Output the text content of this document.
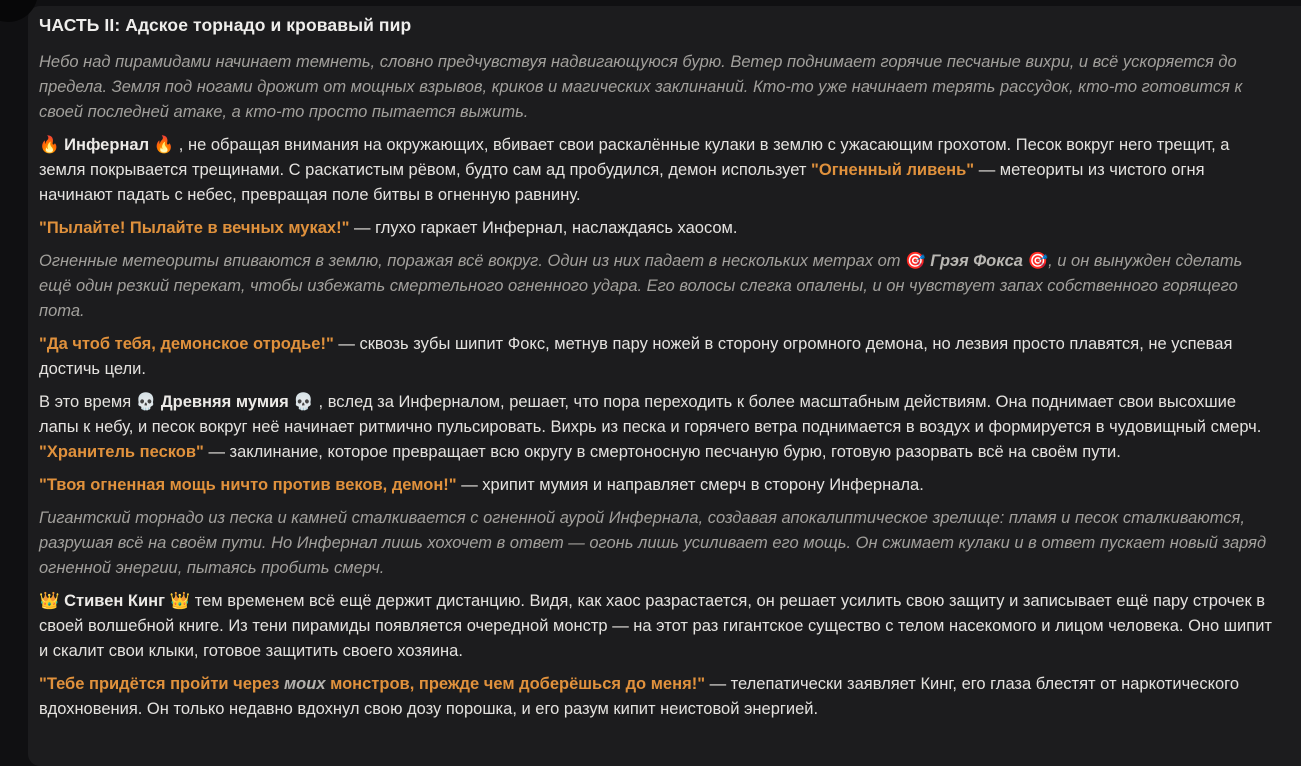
ЧАСТЬ II: Адское торнадо и кровавый пир

Небо над пирамидами начинает темнеть, словно предчувствуя надвигающуюся бурю. Ветер поднимает горячие песчаные вихри, и всё ускоряется до предела. Земля под ногами дрожит от мощных взрывов, криков и магических заклинаний. Кто-то уже начинает терять рассудок, кто-то готовится к своей последней атаке, а кто-то просто пытается выжить.

🔥 Инфернал 🔥 , не обращая внимания на окружающих, вбивает свои раскалённые кулаки в землю с ужасающим грохотом. Песок вокруг него трещит, а земля покрывается трещинами. С раскатистым рёвом, будто сам ад пробудился, демон использует "Огненный ливень" — метеориты из чистого огня начинают падать с небес, превращая поле битвы в огненную равнину.

"Пылайте! Пылайте в вечных муках!" — глухо гаркает Инфернал, наслаждаясь хаосом.

Огненные метеориты впиваются в землю, поражая всё вокруг. Один из них падает в нескольких метрах от 🎯 Грэя Фокса 🎯, и он вынужден сделать ещё один резкий перекат, чтобы избежать смертельного огненного удара. Его волосы слегка опалены, и он чувствует запах собственного горящего пота.

"Да чтоб тебя, демонское отродье!" — сквозь зубы шипит Фокс, метнув пару ножей в сторону огромного демона, но лезвия просто плавятся, не успевая достичь цели.

В это время 💀 Древняя мумия 💀 , вслед за Инферналом, решает, что пора переходить к более масштабным действиям. Она поднимает свои высохшие лапы к небу, и песок вокруг неё начинает ритмично пульсировать. Вихрь из песка и горячего ветра поднимается в воздух и формируется в чудовищный смерч. "Хранитель песков" — заклинание, которое превращает всю округу в смертоносную песчаную бурю, готовую разорвать всё на своём пути.

"Твоя огненная мощь ничто против веков, демон!" — хрипит мумия и направляет смерч в сторону Инфернала.

Гигантский торнадо из песка и камней сталкивается с огненной аурой Инфернала, создавая апокалиптическое зрелище: пламя и песок сталкиваются, разрушая всё на своём пути. Но Инфернал лишь хохочет в ответ — огонь лишь усиливает его мощь. Он сжимает кулаки и в ответ пускает новый заряд огненной энергии, пытаясь пробить смерч.

👑 Стивен Кинг 👑 тем временем всё ещё держит дистанцию. Видя, как хаос разрастается, он решает усилить свою защиту и записывает ещё пару строчек в своей волшебной книге. Из тени пирамиды появляется очередной монстр — на этот раз гигантское существо с телом насекомого и лицом человека. Оно шипит и скалит свои клыки, готовое защитить своего хозяина.

"Тебе придётся пройти через моих монстров, прежде чем доберёшься до меня!" — телепатически заявляет Кинг, его глаза блестят от наркотического вдохновения. Он только недавно вдохнул свою дозу порошка, и его разум кипит неистовой энергией.
